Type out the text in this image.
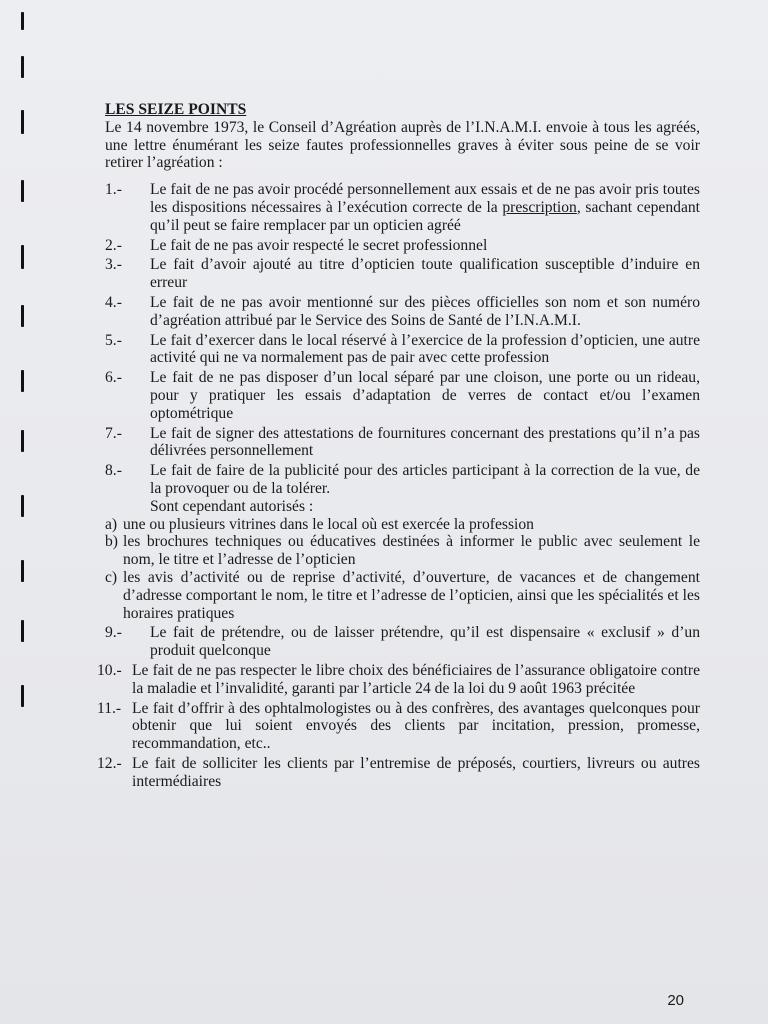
LES SEIZE POINTS

Le 14 novembre 1973, le Conseil d’Agréation auprès de l’I.N.A.M.I. envoie à tous les agréés, une lettre énumérant les seize fautes professionnelles graves à éviter sous peine de se voir retirer l’agréation :

1.- Le fait de ne pas avoir procédé personnellement aux essais et de ne pas avoir pris toutes les dispositions nécessaires à l’exécution correcte de la prescription, sachant cependant qu’il peut se faire remplacer par un opticien agréé
2.- Le fait de ne pas avoir respecté le secret professionnel
3.- Le fait d’avoir ajouté au titre d’opticien toute qualification susceptible d’induire en erreur
4.- Le fait de ne pas avoir mentionné sur des pièces officielles son nom et son numéro d’agréation attribué par le Service des Soins de Santé de l’I.N.A.M.I.
5.- Le fait d’exercer dans le local réservé à l’exercice de la profession d’opticien, une autre activité qui ne va normalement pas de pair avec cette profession
6.- Le fait de ne pas disposer d’un local séparé par une cloison, une porte ou un rideau, pour y pratiquer les essais d’adaptation de verres de contact et/ou l’examen optométrique
7.- Le fait de signer des attestations de fournitures concernant des prestations qu’il n’a pas délivrées personnellement
8.- Le fait de faire de la publicité pour des articles participant à la correction de la vue, de la provoquer ou de la tolérer.
Sont cependant autorisés :
a) une ou plusieurs vitrines dans le local où est exercée la profession
b) les brochures techniques ou éducatives destinées à informer le public avec seulement le nom, le titre et l’adresse de l’opticien
c) les avis d’activité ou de reprise d’activité, d’ouverture, de vacances et de changement d’adresse comportant le nom, le titre et l’adresse de l’opticien, ainsi que les spécialités et les horaires pratiques
9.- Le fait de prétendre, ou de laisser prétendre, qu’il est dispensaire « exclusif » d’un produit quelconque
10.- Le fait de ne pas respecter le libre choix des bénéficiaires de l’assurance obligatoire contre la maladie et l’invalidité, garanti par l’article 24 de la loi du 9 août 1963 précitée
11.- Le fait d’offrir à des ophtalmologistes ou à des confrères, des avantages quelconques pour obtenir que lui soient envoyés des clients par incitation, pression, promesse, recommandation, etc..
12.- Le fait de solliciter les clients par l’entremise de préposés, courtiers, livreurs ou autres intermédiaires
20
